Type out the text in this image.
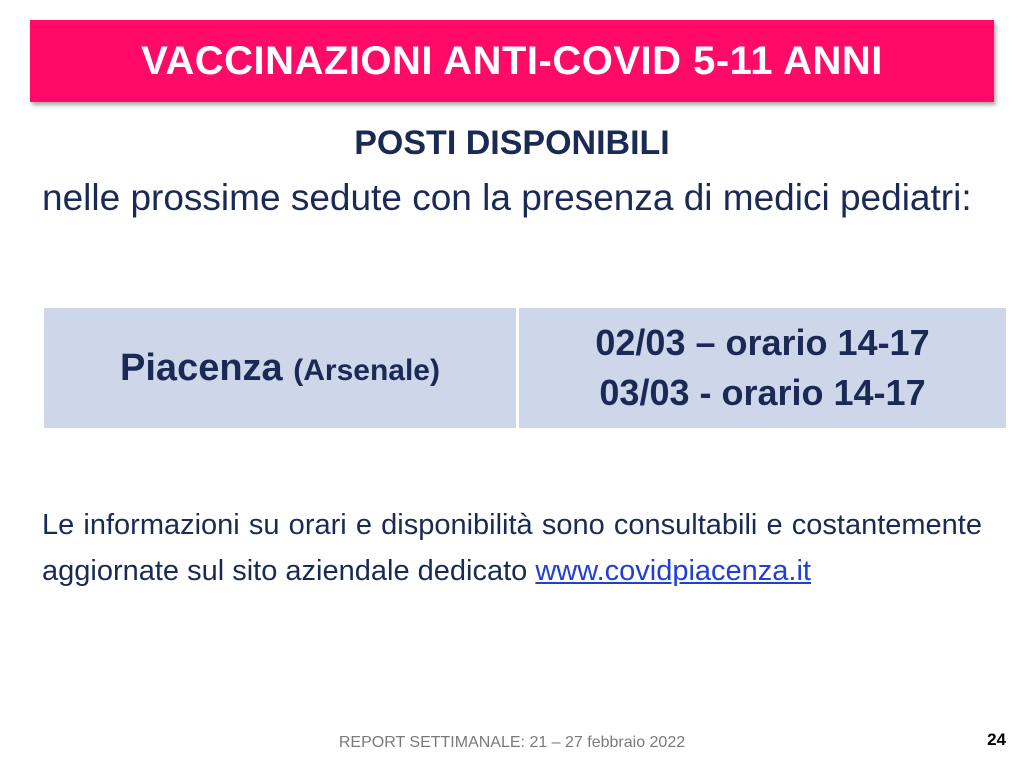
VACCINAZIONI ANTI-COVID 5-11 ANNI
POSTI DISPONIBILI
nelle prossime sedute con la presenza di medici pediatri:
Piacenza (Arsenale)
02/03 – orario 14-17
03/03 - orario 14-17
Le informazioni su orari e disponibilità sono consultabili e costantemente aggiornate sul sito aziendale dedicato www.covidpiacenza.it
REPORT SETTIMANALE: 21 – 27 febbraio 2022	24
